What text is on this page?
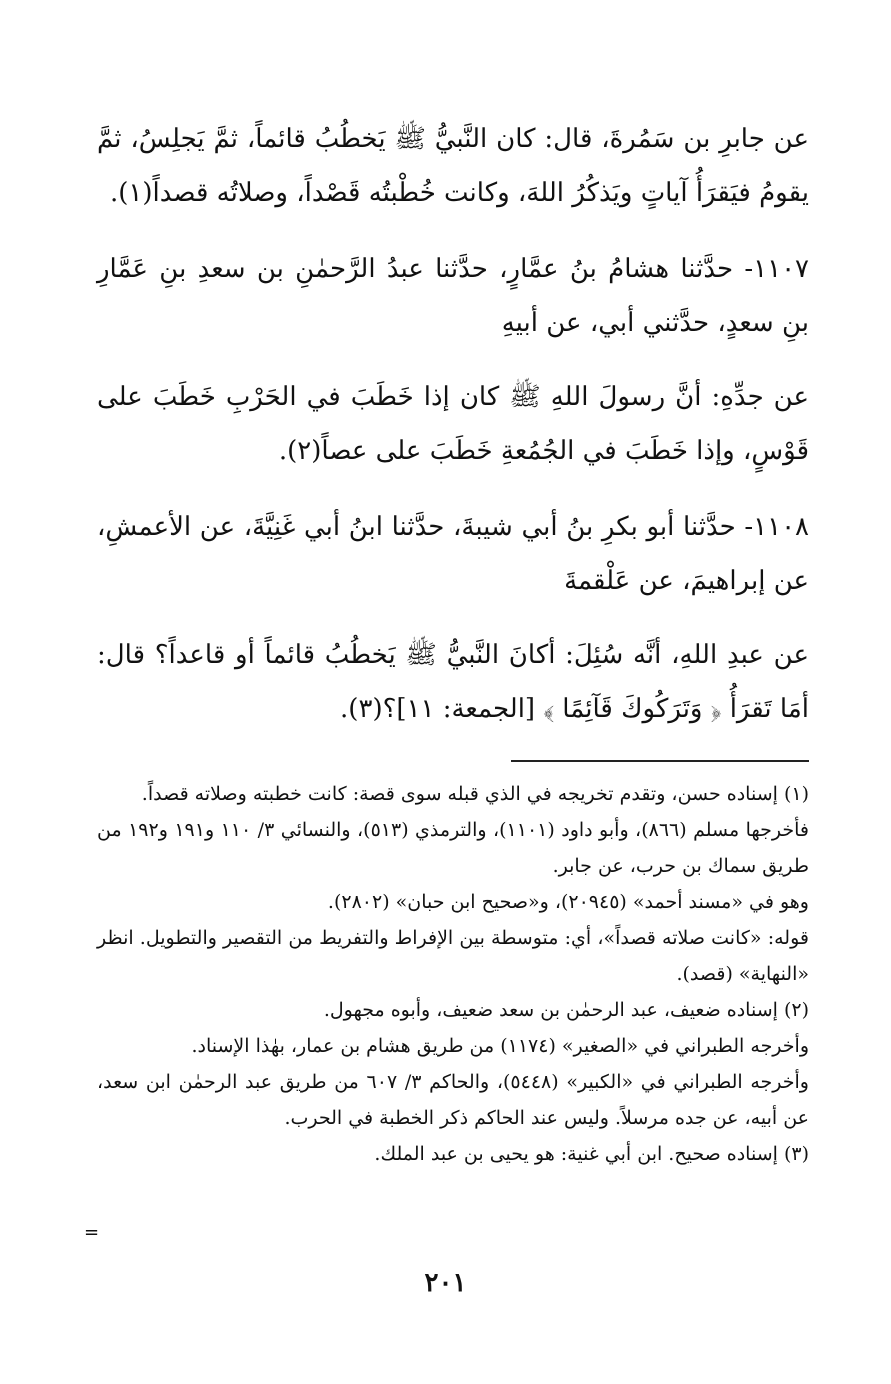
عن جابرِ بن سَمُرةَ، قال: كان النَّبيُّ ﷺ يَخطُبُ قائماً، ثمَّ يَجلِسُ، ثمَّ يقومُ فيَقرَأُ آياتٍ ويَذكُرُ اللهَ، وكانت خُطْبتُه قَصْداً، وصلاتُه قصداً(١).

١١٠٧- حدَّثنا هشامُ بنُ عمَّارٍ، حدَّثنا عبدُ الرَّحمٰنِ بن سعدِ بنِ عَمَّارِ بنِ سعدٍ، حدَّثني أبي، عن أبيهِ

عن جدِّهِ: أنَّ رسولَ اللهِ ﷺ كان إذا خَطَبَ في الحَرْبِ خَطَبَ على قَوْسٍ، وإذا خَطَبَ في الجُمُعةِ خَطَبَ على عصاً(٢).

١١٠٨- حدَّثنا أبو بكرِ بنُ أبي شيبةَ، حدَّثنا ابنُ أبي غَنِيَّةَ، عن الأعمشِ، عن إبراهيمَ، عن عَلْقمةَ

عن عبدِ اللهِ، أنَّه سُئِلَ: أكانَ النَّبيُّ ﷺ يَخطُبُ قائماً أو قاعداً؟ قال: أمَا تَقرَأُ ﴿ وَتَرَكُوكَ قَآئِمًا ﴾ [الجمعة: ١١]؟(٣).

(١) إسناده حسن، وتقدم تخريجه في الذي قبله سوى قصة: كانت خطبته وصلاته قصداً.

فأخرجها مسلم (٨٦٦)، وأبو داود (١١٠١)، والترمذي (٥١٣)، والنسائي ٣/ ١١٠ و١٩١ و١٩٢ من طريق سماك بن حرب، عن جابر.

وهو في «مسند أحمد» (٢٠٩٤٥)، و«صحيح ابن حبان» (٢٨٠٢).

قوله: «كانت صلاته قصداً»، أي: متوسطة بين الإفراط والتفريط من التقصير والتطويل. انظر «النهاية» (قصد).

(٢) إسناده ضعيف، عبد الرحمٰن بن سعد ضعيف، وأبوه مجهول.

وأخرجه الطبراني في «الصغير» (١١٧٤) من طريق هشام بن عمار، بهٰذا الإسناد.

وأخرجه الطبراني في «الكبير» (٥٤٤٨)، والحاكم ٣/ ٦٠٧ من طريق عبد الرحمٰن ابن سعد، عن أبيه، عن جده مرسلاً. وليس عند الحاكم ذكر الخطبة في الحرب.

(٣) إسناده صحيح. ابن أبي غنية: هو يحيى بن عبد الملك.

=
٢٠١
